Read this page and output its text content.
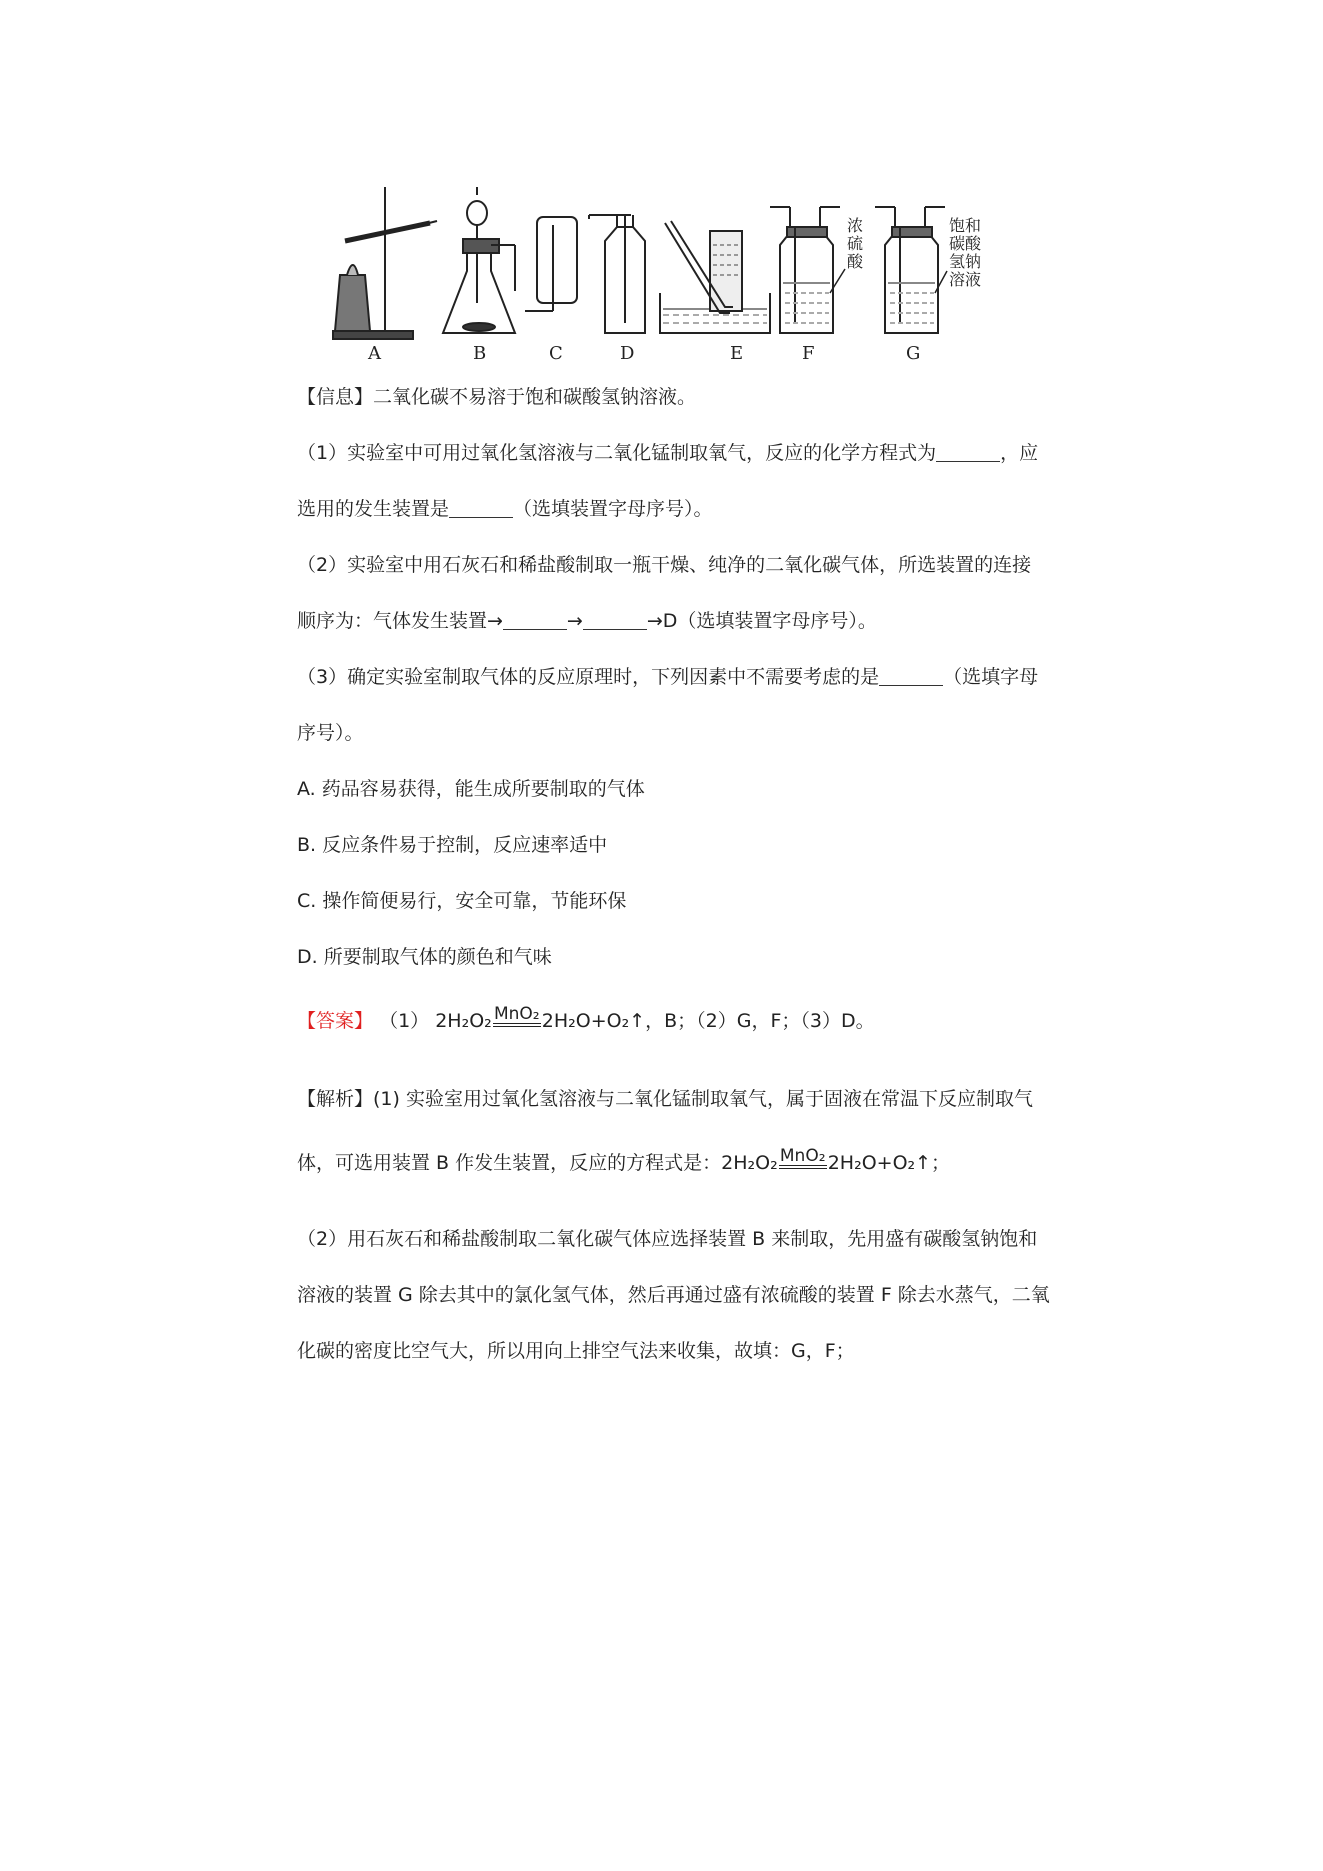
浓
硫
酸
饱和
碳酸
氢钠
溶液
A	B	C	D	E	F	G
【信息】二氧化碳不易溶于饱和碳酸氢钠溶液。
（1）实验室中可用过氧化氢溶液与二氧化锰制取氧气，反应的化学方程式为	，应
选用的发生装置是	（选填装置字母序号）。
（2）实验室中用石灰石和稀盐酸制取一瓶干燥、纯净的二氧化碳气体，所选装置的连接
顺序为：气体发生装置→	→	→D（选填装置字母序号）。
（3）确定实验室制取气体的反应原理时，下列因素中不需要考虑的是	（选填字母
序号）。
A. 药品容易获得，能生成所要制取的气体
B. 反应条件易于控制，反应速率适中
C. 操作简便易行，安全可靠，节能环保
D. 所要制取气体的颜色和气味
【答案】 （1） 2H₂O₂ MnO₂ 2H₂O+O₂↑，B；（2）G，F；（3）D。
【解析】(1) 实验室用过氧化氢溶液与二氧化锰制取氧气，属于固液在常温下反应制取气
体，可选用装置 B 作发生装置，反应的方程式是：2H₂O₂ MnO₂ 2H₂O+O₂↑；
（2）用石灰石和稀盐酸制取二氧化碳气体应选择装置 B 来制取，先用盛有碳酸氢钠饱和
溶液的装置 G 除去其中的氯化氢气体，然后再通过盛有浓硫酸的装置 F 除去水蒸气，二氧
化碳的密度比空气大，所以用向上排空气法来收集，故填：G，F；
